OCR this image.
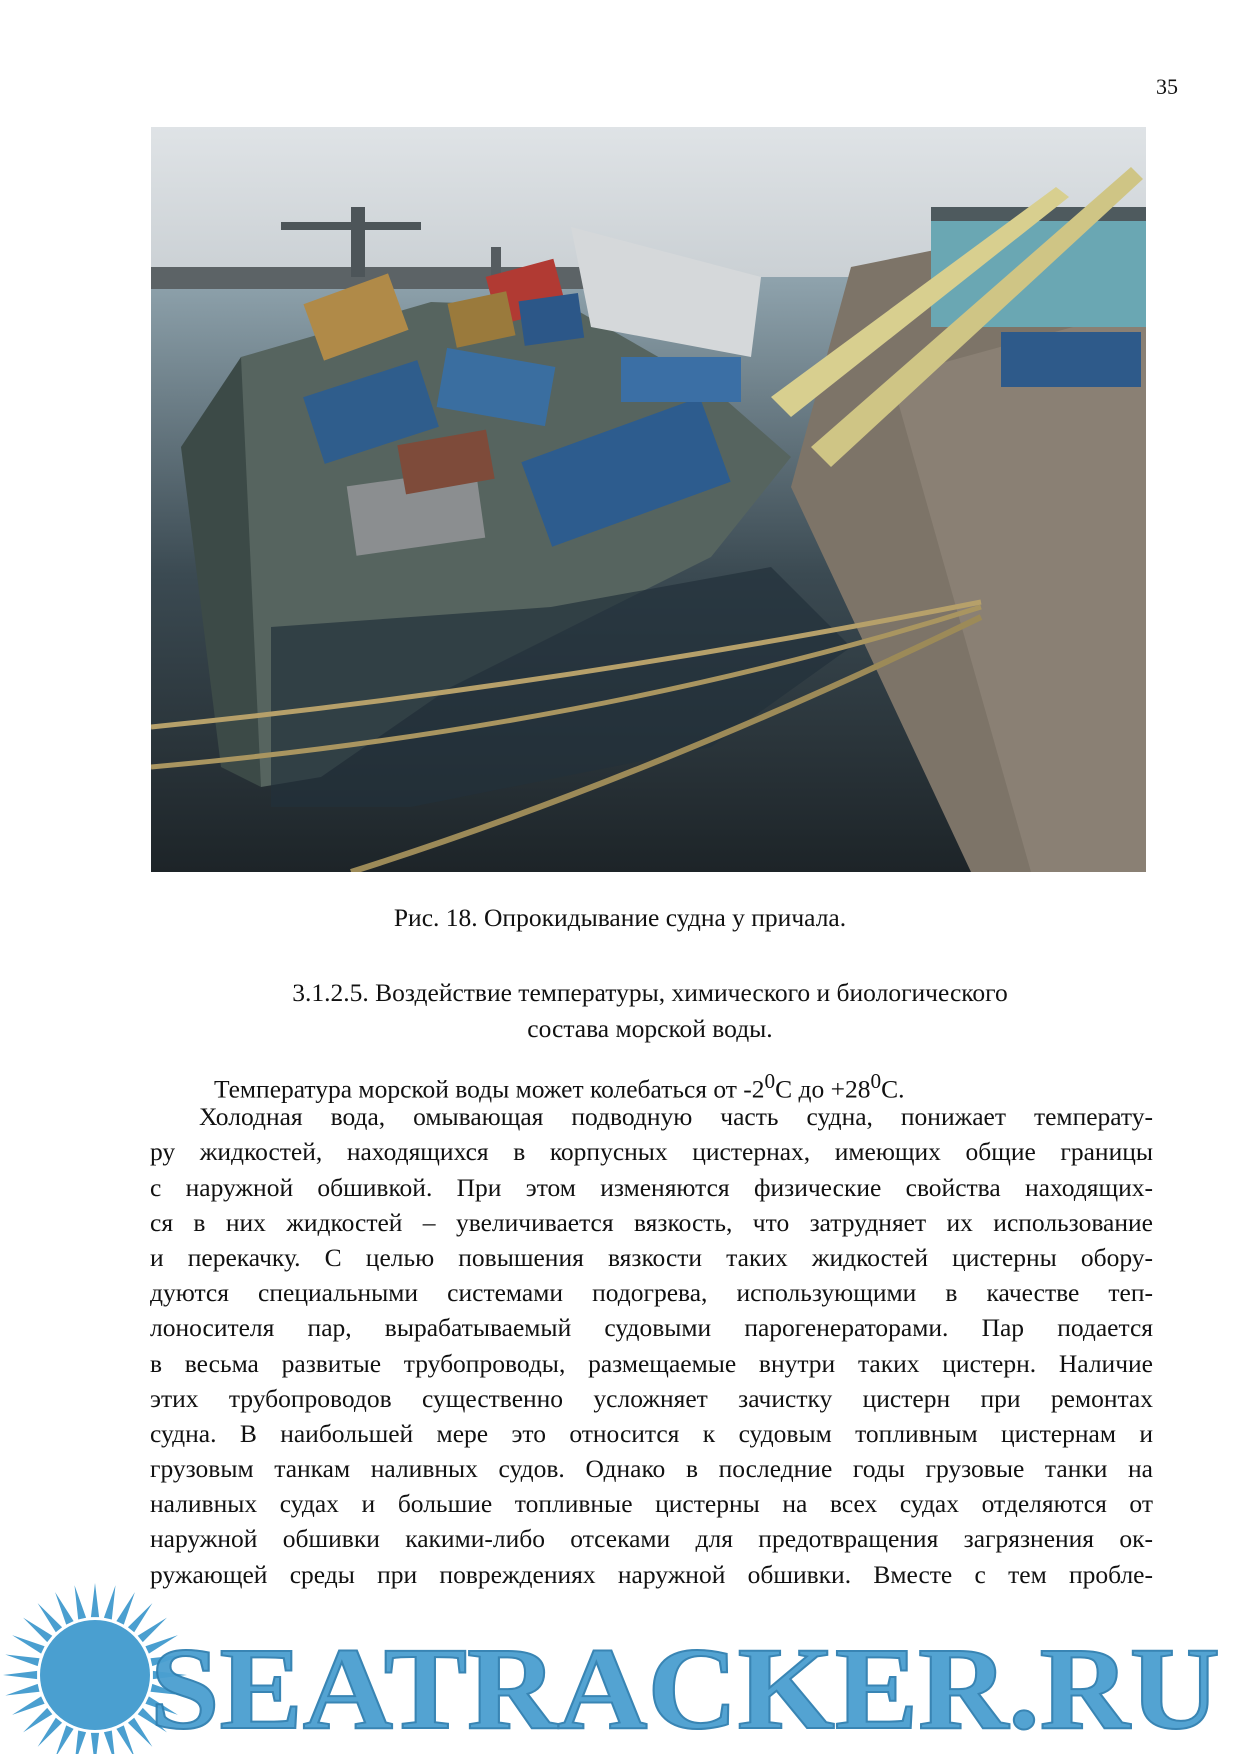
35
Рис. 18. Опрокидывание судна у причала.
3.1.2.5. Воздействие температуры, химического и биологического
состава морской воды.
Температура морской воды может колебаться от $-2^0C$ до $+28^0C$.
Холодная вода, омывающая подводную часть судна, понижает температу-
ру жидкостей, находящихся в корпусных цистернах, имеющих общие границы
с наружной обшивкой. При этом изменяются физические свойства находящих-
ся в них жидкостей – увеличивается вязкость, что затрудняет их использование
и перекачку. С целью повышения вязкости таких жидкостей цистерны обору-
дуются специальными системами подогрева, использующими в качестве теп-
лоносителя пар, вырабатываемый судовыми парогенераторами. Пар подается
в весьма развитые трубопроводы, размещаемые внутри таких цистерн. Наличие
этих трубопроводов существенно усложняет зачистку цистерн при ремонтах
судна. В наибольшей мере это относится к судовым топливным цистернам и
грузовым танкам наливных судов. Однако в последние годы грузовые танки на
наливных судах и большие топливные цистерны на всех судах отделяются от
наружной обшивки какими-либо отсеками для предотвращения загрязнения ок-
ружающей среды при повреждениях наружной обшивки. Вместе с тем пробле-
SEATRACKER.RU
